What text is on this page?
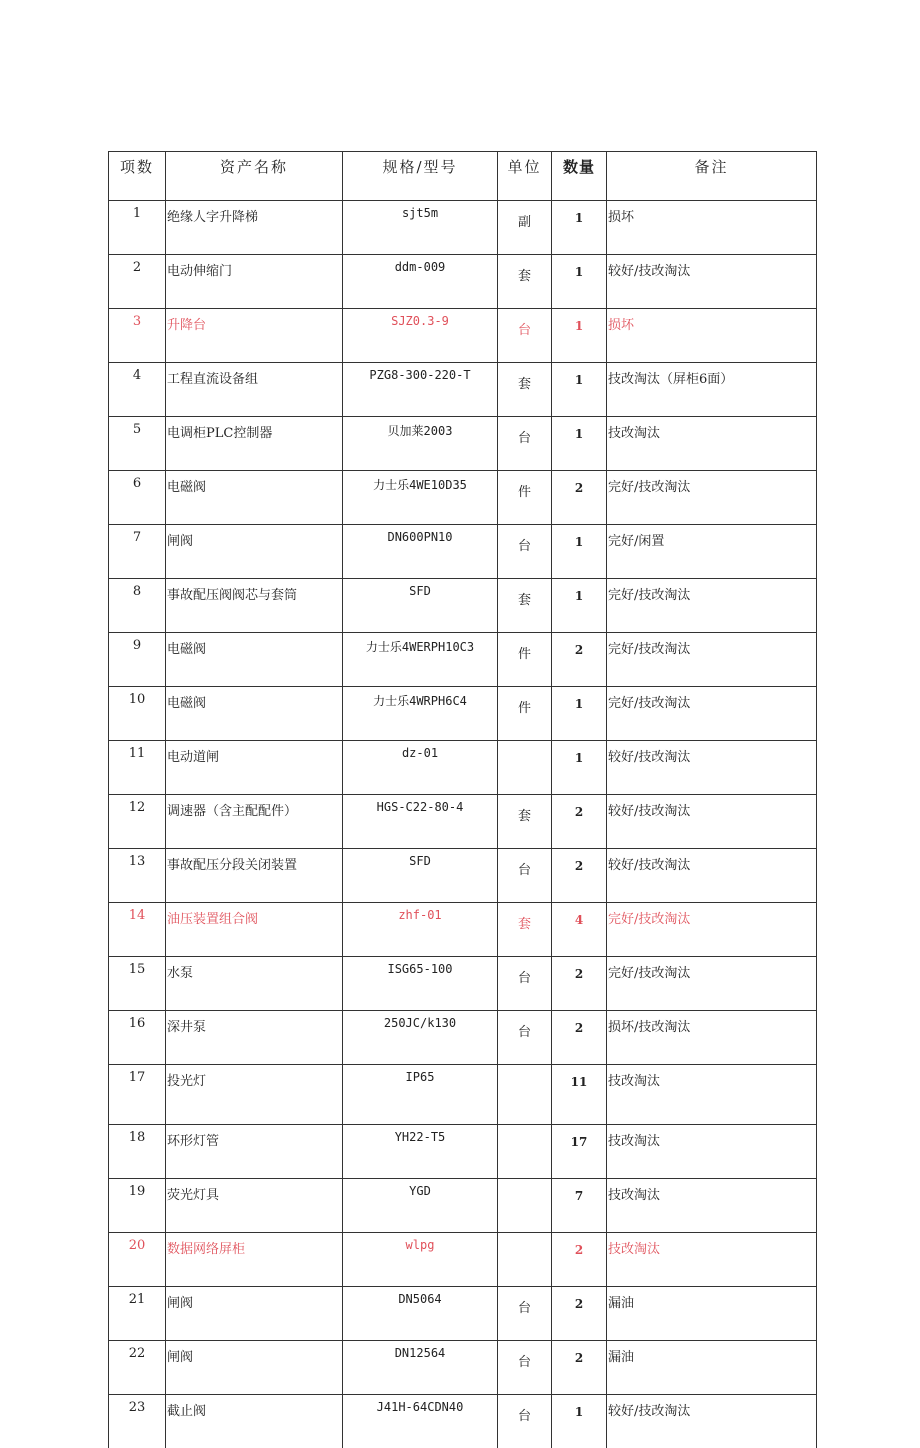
项数	资产名称	规格/型号	单位	数量	备注
1	绝缘人字升降梯	sjt5m	副	1	损坏
2	电动伸缩门	ddm-009	套	1	较好/技改淘汰
3	升降台	SJZ0.3-9	台	1	损坏
4	工程直流设备组	PZG8-300-220-T	套	1	技改淘汰（屏柜6面）
5	电调柜PLC控制器	贝加莱2003	台	1	技改淘汰
6	电磁阀	力士乐4WE10D35	件	2	完好/技改淘汰
7	闸阀	DN600PN10	台	1	完好/闲置
8	事故配压阀阀芯与套筒	SFD	套	1	完好/技改淘汰
9	电磁阀	力士乐4WERPH10C3	件	2	完好/技改淘汰
10	电磁阀	力士乐4WRPH6C4	件	1	完好/技改淘汰
11	电动道闸	dz-01		1	较好/技改淘汰
12	调速器（含主配配件）	HGS-C22-80-4	套	2	较好/技改淘汰
13	事故配压分段关闭装置	SFD	台	2	较好/技改淘汰
14	油压装置组合阀	zhf-01	套	4	完好/技改淘汰
15	水泵	ISG65-100	台	2	完好/技改淘汰
16	深井泵	250JC/k130	台	2	损坏/技改淘汰
17	投光灯	IP65		11	技改淘汰
18	环形灯管	YH22-T5		17	技改淘汰
19	荧光灯具	YGD		7	技改淘汰
20	数据网络屏柜	wlpg		2	技改淘汰
21	闸阀	DN5064	台	2	漏油
22	闸阀	DN12564	台	2	漏油
23	截止阀	J41H-64CDN40	台	1	较好/技改淘汰
